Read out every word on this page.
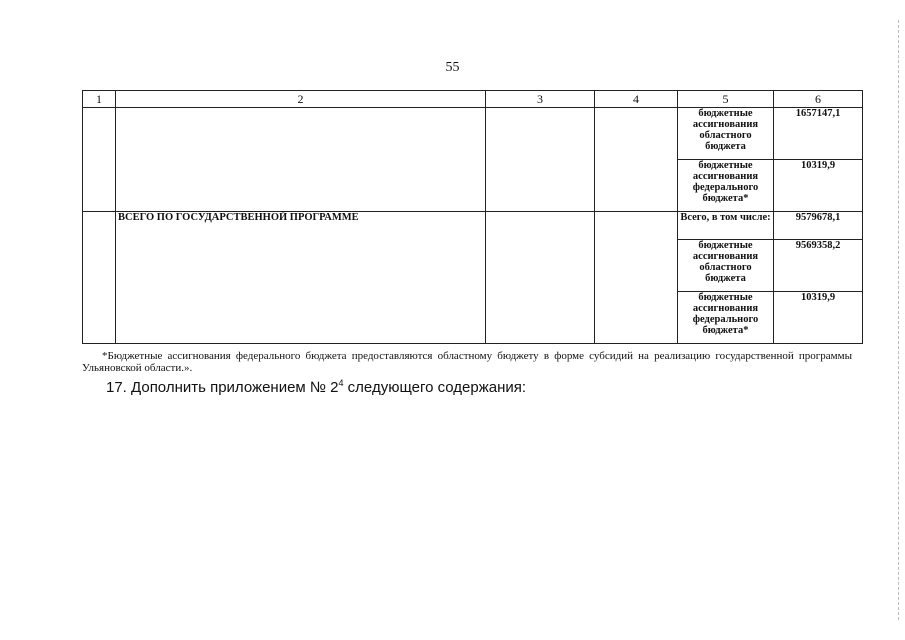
55
1	2	3	4	5	6
				бюджетные ассигнования областного бюджета	1657147,1
				бюджетные ассигнования федерального бюджета*	10319,9
	ВСЕГО ПО ГОСУДАРСТВЕННОЙ ПРОГРАММЕ			Всего, в том числе:	9579678,1
				бюджетные ассигнования областного бюджета	9569358,2
				бюджетные ассигнования федерального бюджета*	10319,9
*Бюджетные ассигнования федерального бюджета предоставляются областному бюджету в форме субсидий на реализацию государственной программы Ульяновской области.».
17. Дополнить приложением № $2^4$ следующего содержания:
